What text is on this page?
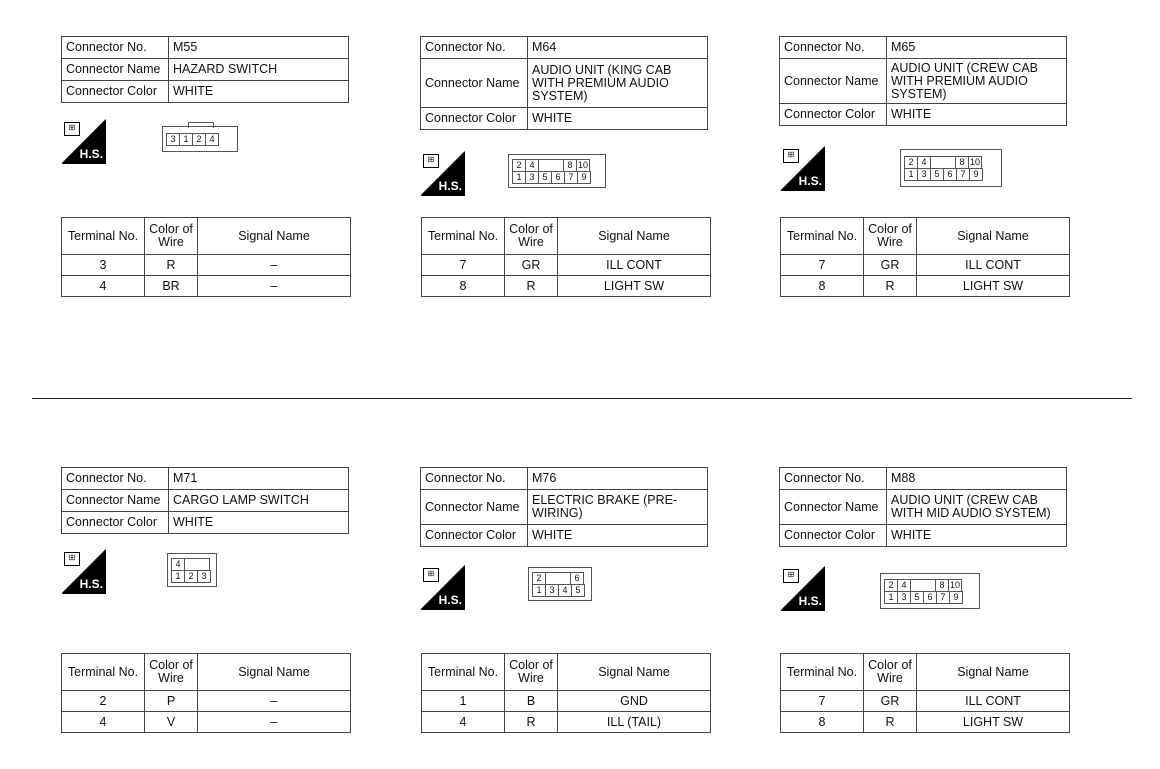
Connector No.	M55
Connector Name	HAZARD SWITCH
Connector Color	WHITE
⊞
H.S.
3 1 2 4
Terminal No.	Color of Wire	Signal Name
3	R	–
4	BR	–
Connector No.	M64
Connector Name	AUDIO UNIT (KING CAB WITH PREMIUM AUDIO SYSTEM)
Connector Color	WHITE
⊞
H.S.
2 4	8 10
1 3 5 6 7 9
Terminal No.	Color of Wire	Signal Name
7	GR	ILL CONT
8	R	LIGHT SW
Connector No.	M65
Connector Name	AUDIO UNIT (CREW CAB WITH PREMIUM AUDIO SYSTEM)
Connector Color	WHITE
⊞
H.S.
2 4	8 10
1 3 5 6 7 9
Terminal No.	Color of Wire	Signal Name
7	GR	ILL CONT
8	R	LIGHT SW
Connector No.	M71
Connector Name	CARGO LAMP SWITCH
Connector Color	WHITE
⊞
H.S.
4
1 2 3
Terminal No.	Color of Wire	Signal Name
2	P	–
4	V	–
Connector No.	M76
Connector Name	ELECTRIC BRAKE (PRE-WIRING)
Connector Color	WHITE
⊞
H.S.
2	6
1 3 4 5
Terminal No.	Color of Wire	Signal Name
1	B	GND
4	R	ILL (TAIL)
Connector No.	M88
Connector Name	AUDIO UNIT (CREW CAB WITH MID AUDIO SYSTEM)
Connector Color	WHITE
⊞
H.S.
2 4	8 10
1 3 5 6 7 9
Terminal No.	Color of Wire	Signal Name
7	GR	ILL CONT
8	R	LIGHT SW
